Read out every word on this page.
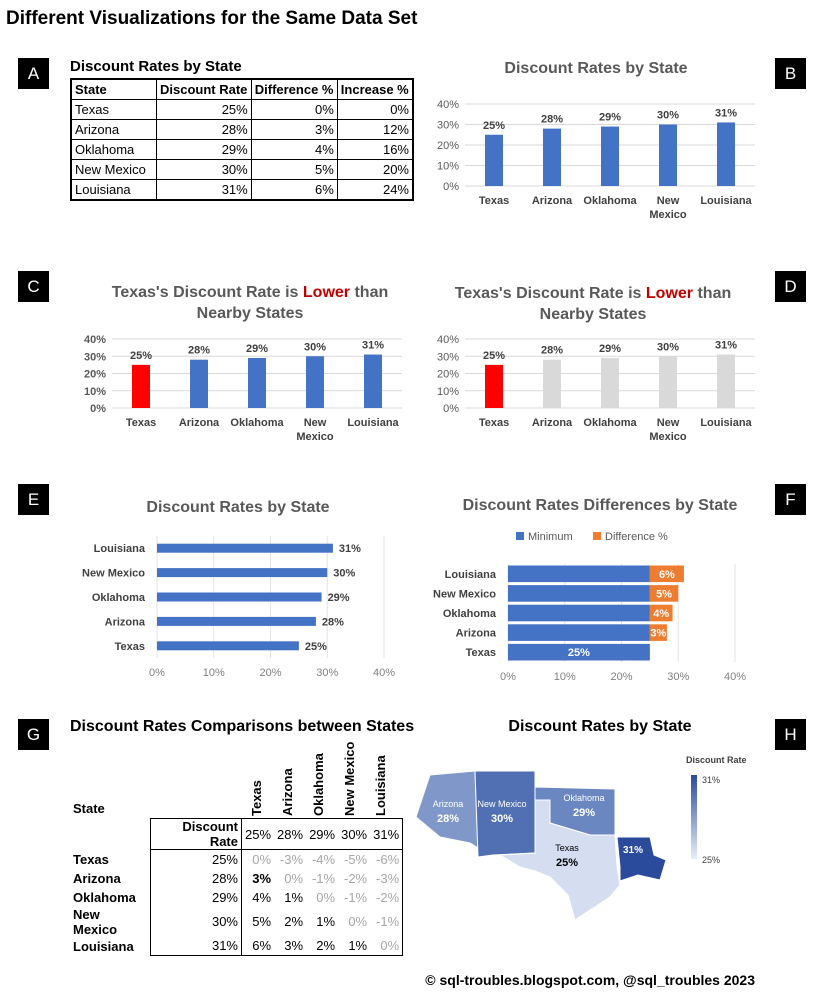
Different Visualizations for the Same Data Set
A	B
C	D
E	F
G	H
Discount Rates by State
State	Discount Rate	Difference %	Increase %
Texas	25%	0%	0%
Arizona	28%	3%	12%
Oklahoma	29%	4%	16%
New Mexico	30%	5%	20%
Louisiana	31%	6%	24%
Discount Rates by State
Texas's Discount Rate is Lower than
Nearby States
Texas's Discount Rate is Lower than
Nearby States
Discount Rates by State	Discount Rates Differences by State
0%
10%
20%
30%
40%
25%
Texas
28%
Arizona
29%
Oklahoma
30%
New
Mexico
31%
Louisiana
0%
10%
20%
30%
40%
25%
Texas
28%
Arizona
29%
Oklahoma
30%
New
Mexico
31%
Louisiana
0%
10%
20%
30%
40%
25%
Texas
28%
Arizona
29%
Oklahoma
30%
New
Mexico
31%
Louisiana
0%	10%	20%	30%	40%
Texas	25%
Arizona	28%
Oklahoma	29%
New Mexico	30%
Louisiana	31%
Minimum	Difference %
0%	10%	20%	30%	40%
Texas	25%
Arizona	3%
Oklahoma	4%
New Mexico	5%
Louisiana	6%
Discount Rates Comparisons between States
Texas Arizona Oklahoma New Mexico Louisiana
State
	Discount Rate	25%	28%	29%	30%	31%
Texas	25%	0%	-3%	-4%	-5%	-6%
Arizona	28%	3%	0%	-1%	-2%	-3%
Oklahoma	29%	4%	1%	0%	-1%	-2%
New Mexico	30%	5%	2%	1%	0%	-1%
Louisiana	31%	6%	3%	2%	1%	0%
Discount Rates by State
Arizona
28%
New Mexico
30%
Oklahoma
29%
Texas
25%
31%
Discount Rate
31%
25%
© sql-troubles.blogspot.com, @sql_troubles 2023
